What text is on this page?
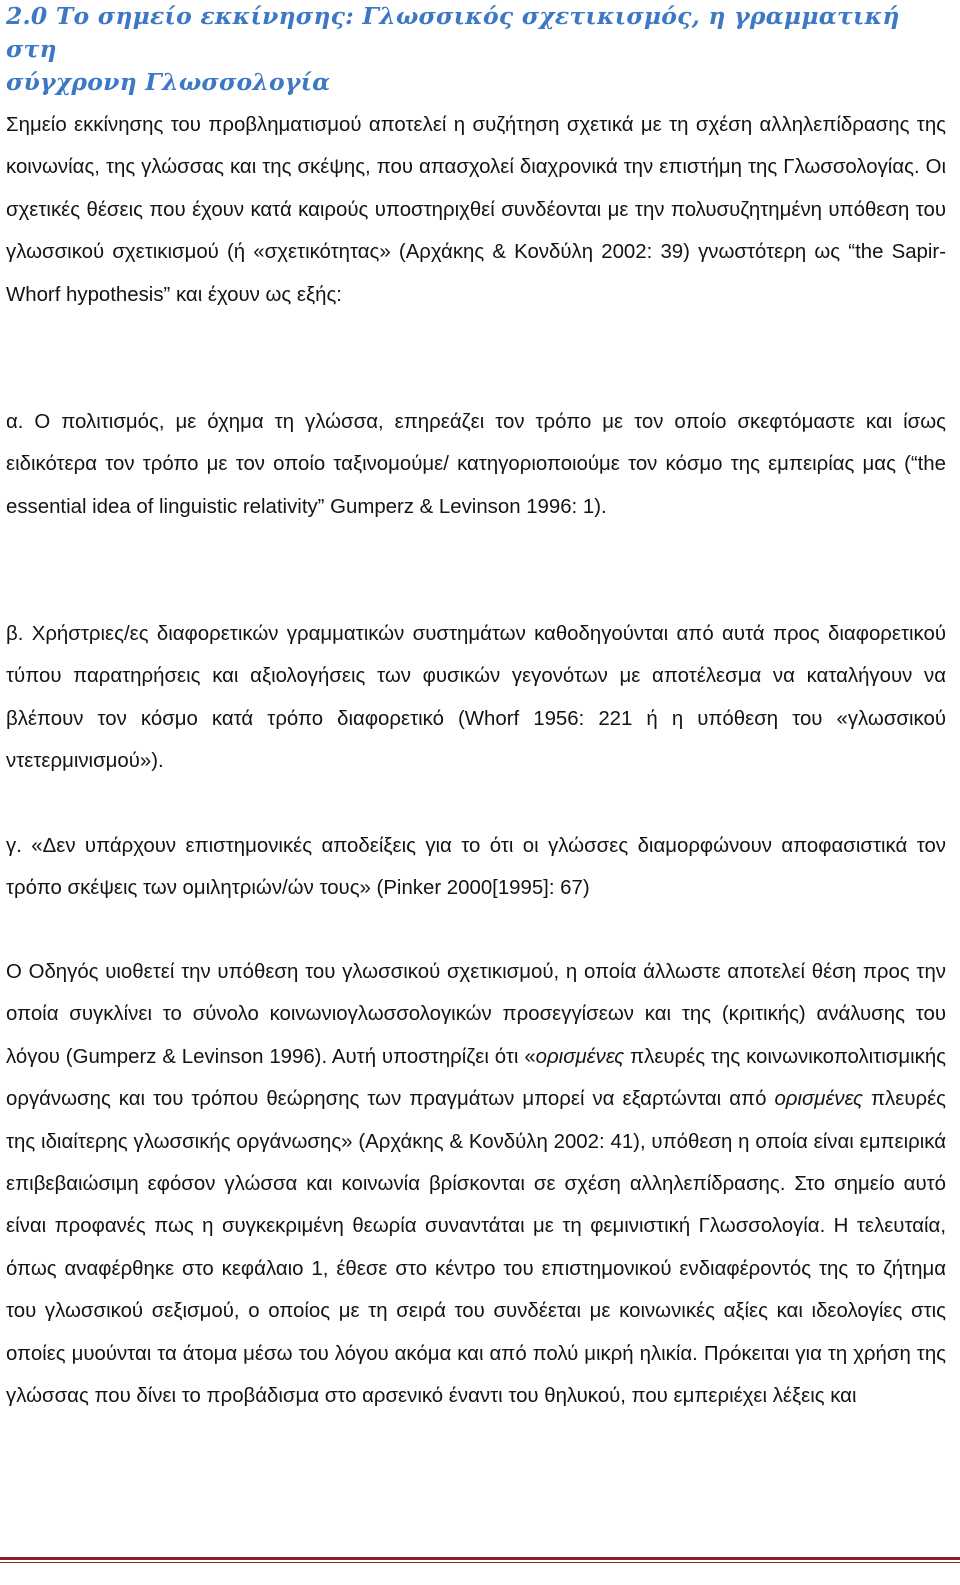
2.0 Το σημείο εκκίνησης: Γλωσσικός σχετικισμός, η γραμματική στη
σύγχρονη Γλωσσολογία

Σημείο εκκίνησης του προβληματισμού αποτελεί η συζήτηση σχετικά με τη σχέση αλληλεπίδρασης της κοινωνίας, της γλώσσας και της σκέψης, που απασχολεί διαχρονικά την επιστήμη της Γλωσσολογίας. Οι σχετικές θέσεις που έχουν κατά καιρούς υποστηριχθεί συνδέονται με την πολυσυζητημένη υπόθεση του γλωσσικού σχετικισμού (ή «σχετικότητας» (Αρχάκης & Κονδύλη 2002: 39) γνωστότερη ως “the Sapir-Whorf hypothesis” και έχουν ως εξής:

α. Ο πολιτισμός, με όχημα τη γλώσσα, επηρεάζει τον τρόπο με τον οποίο σκεφτόμαστε και ίσως ειδικότερα τον τρόπο με τον οποίο ταξινομούμε/ κατηγοριοποιούμε τον κόσμο της εμπειρίας μας (“the essential idea of linguistic relativity” Gumperz & Levinson 1996: 1).

β. Χρήστριες/ες διαφορετικών γραμματικών συστημάτων καθοδηγούνται από αυτά προς διαφορετικού τύπου παρατηρήσεις και αξιολογήσεις των φυσικών γεγονότων με αποτέλεσμα να καταλήγουν να βλέπουν τον κόσμο κατά τρόπο διαφορετικό (Whorf 1956: 221 ή η υπόθεση του «γλωσσικού ντετερμινισμού»).

γ. «Δεν υπάρχουν επιστημονικές αποδείξεις για το ότι οι γλώσσες διαμορφώνουν αποφασιστικά τον τρόπο σκέψεις των ομιλητριών/ών τους» (Pinker 2000[1995]: 67)

Ο Οδηγός υιοθετεί την υπόθεση του γλωσσικού σχετικισμού, η οποία άλλωστε αποτελεί θέση προς την οποία συγκλίνει το σύνολο κοινωνιογλωσσολογικών προσεγγίσεων και της (κριτικής) ανάλυσης του λόγου (Gumperz & Levinson 1996). Αυτή υποστηρίζει ότι «ορισμένες πλευρές της κοινωνικοπολιτισμικής οργάνωσης και του τρόπου θεώρησης των πραγμάτων μπορεί να εξαρτώνται από ορισμένες πλευρές της ιδιαίτερης γλωσσικής οργάνωσης» (Αρχάκης & Κονδύλη 2002: 41), υπόθεση η οποία είναι εμπειρικά επιβεβαιώσιμη εφόσον γλώσσα και κοινωνία βρίσκονται σε σχέση αλληλεπίδρασης. Στο σημείο αυτό είναι προφανές πως η συγκεκριμένη θεωρία συναντάται με τη φεμινιστική Γλωσσολογία. Η τελευταία, όπως αναφέρθηκε στο κεφάλαιο 1, έθεσε στο κέντρο του επιστημονικού ενδιαφέροντός της το ζήτημα του γλωσσικού σεξισμού, ο οποίος με τη σειρά του συνδέεται με κοινωνικές αξίες και ιδεολογίες στις οποίες μυούνται τα άτομα μέσω του λόγου ακόμα και από πολύ μικρή ηλικία. Πρόκειται για τη χρήση της γλώσσας που δίνει το προβάδισμα στο αρσενικό έναντι του θηλυκού, που εμπεριέχει λέξεις και
